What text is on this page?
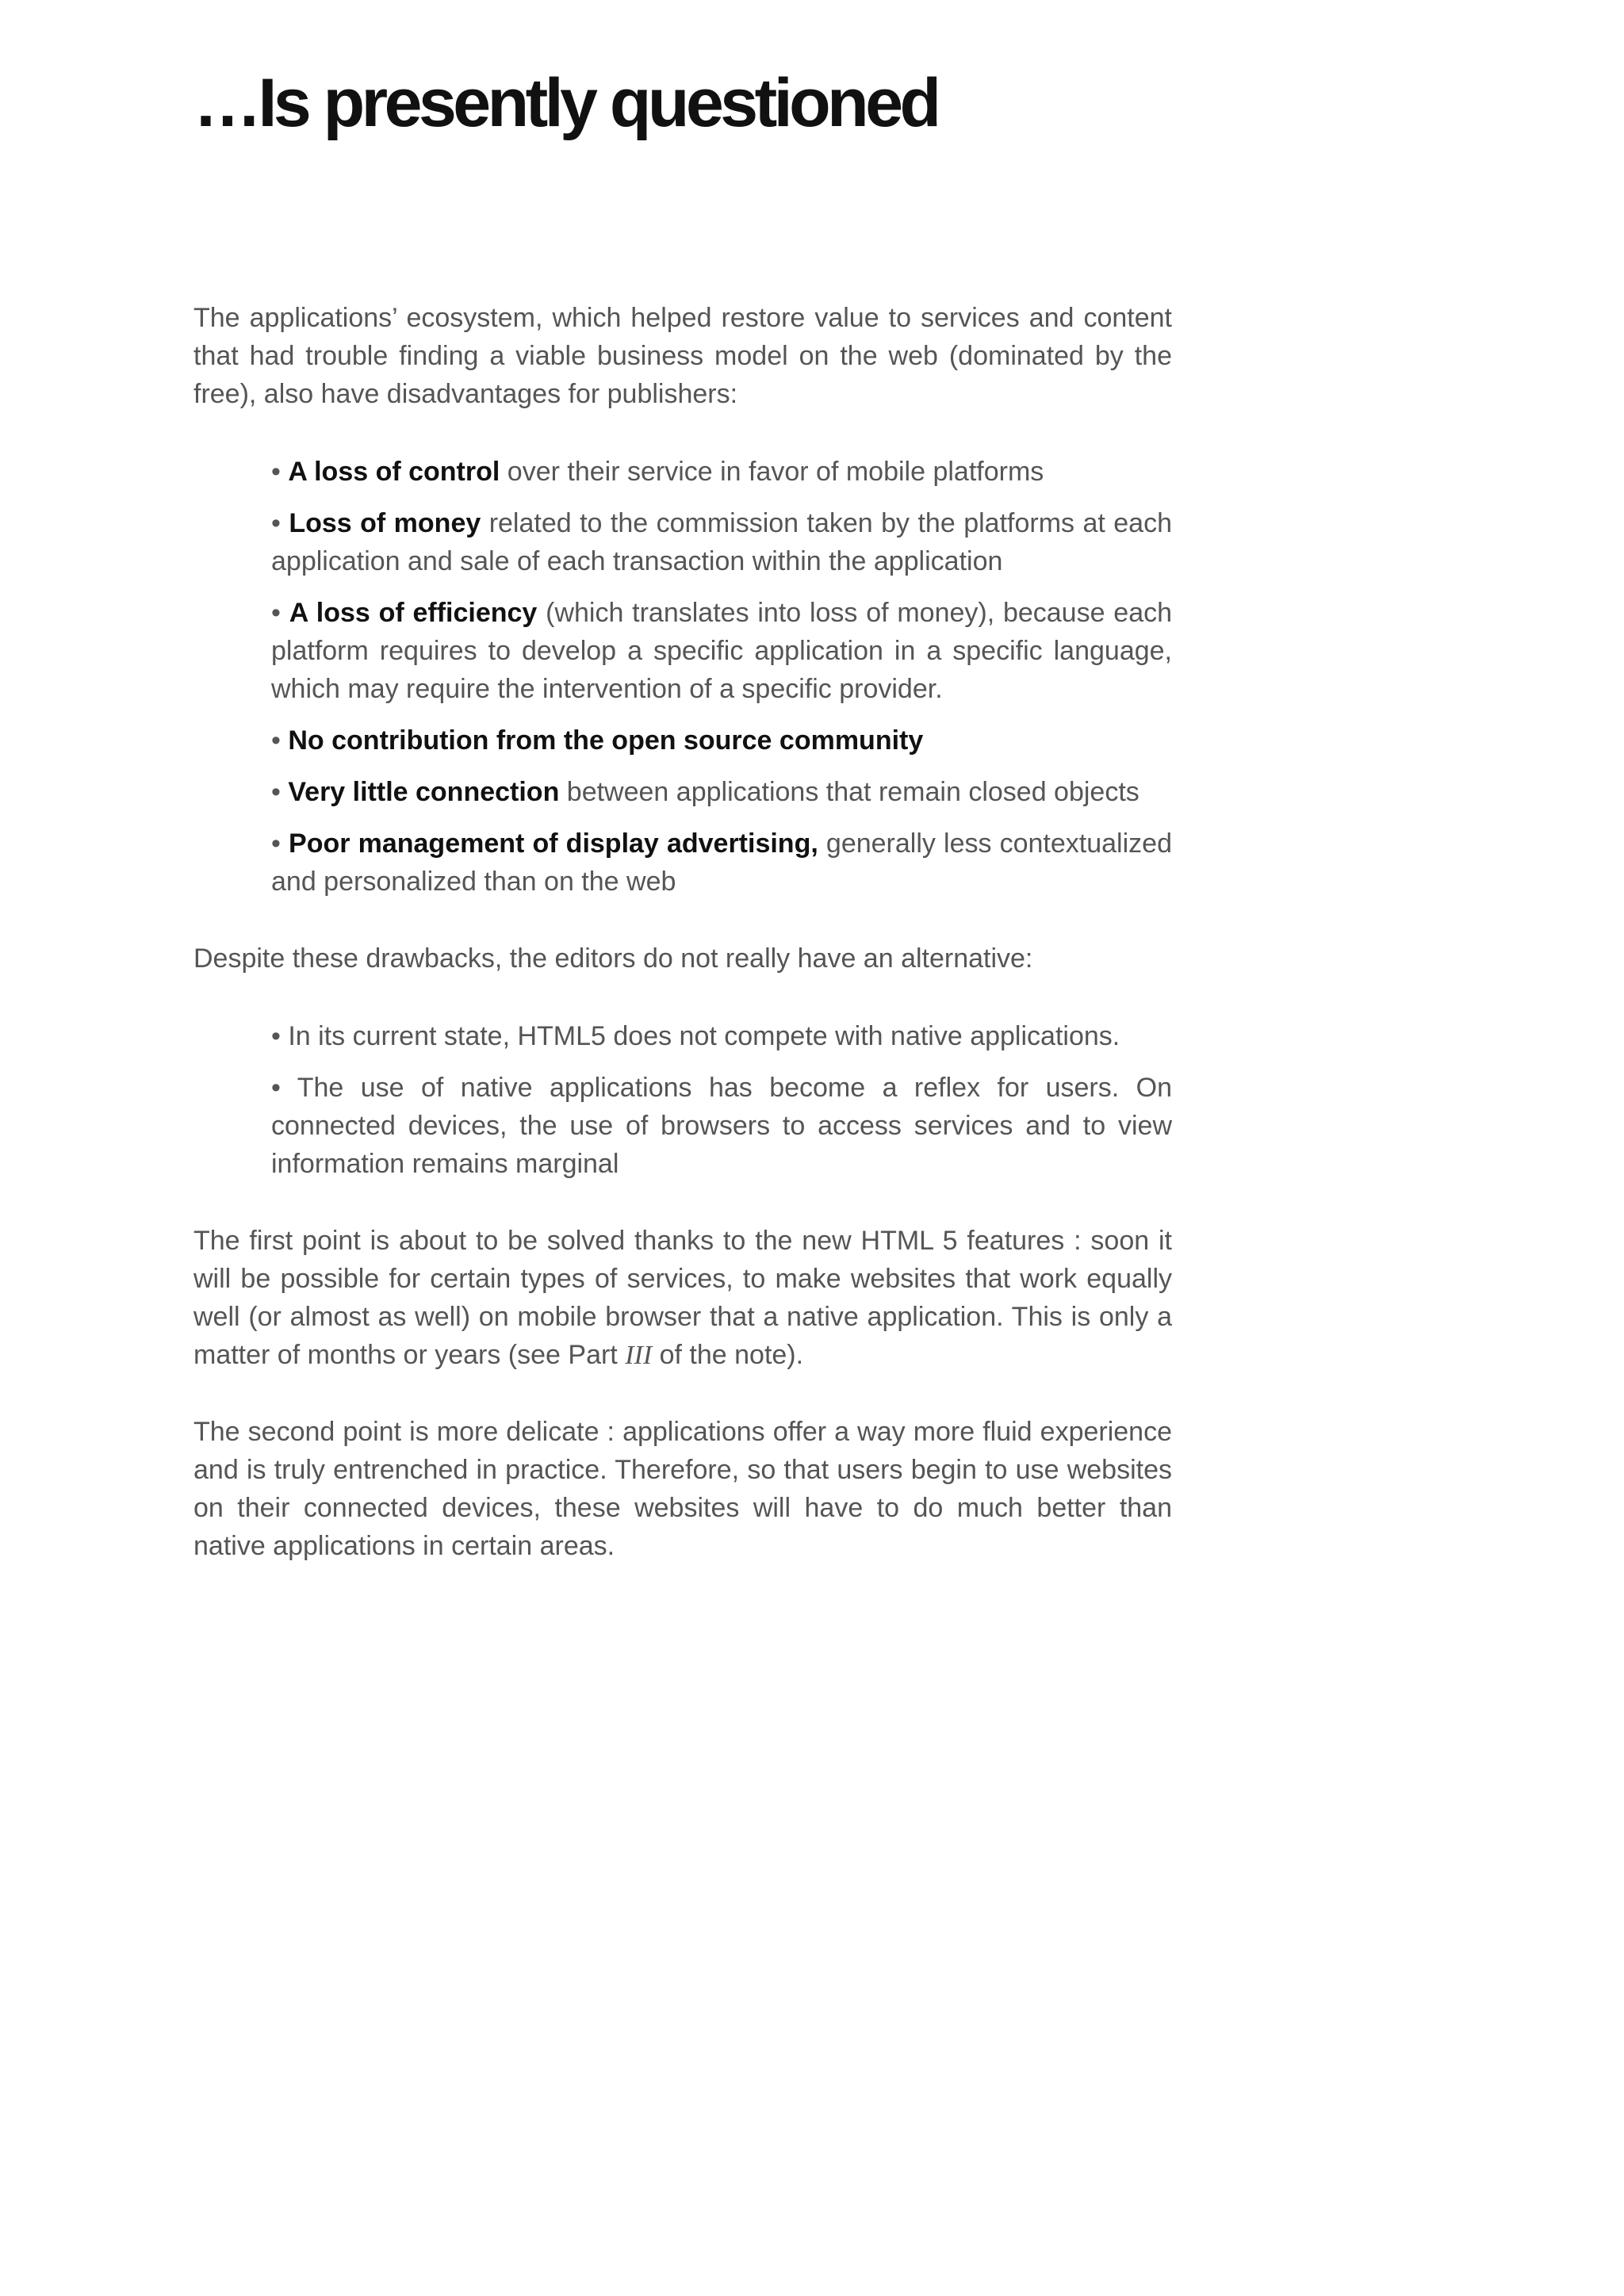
…Is presently questioned

The applications’ ecosystem, which helped restore value to services and content that had trouble finding a viable business model on the web (dominated by the free), also have disadvantages for publishers:

• A loss of control over their service in favor of mobile platforms

• Loss of money related to the commission taken by the platforms at each application and sale of each transaction within the application

• A loss of efficiency (which translates into loss of money), because each platform requires to develop a specific application in a specific language, which may require the intervention of a specific provider.

• No contribution from the open source community

• Very little connection between applications that remain closed objects

• Poor management of display advertising, generally less contextualized and personalized than on the web

Despite these drawbacks, the editors do not really have an alternative:

• In its current state, HTML5 does not compete with native applications.

• The use of native applications has become a reflex for users. On connected devices, the use of browsers to access services and to view information remains marginal

The first point is about to be solved thanks to the new HTML 5 features : soon it will be possible for certain types of services, to make websites that work equally well (or almost as well) on mobile browser that a native application. This is only a matter of months or years (see Part III of the note).

The second point is more delicate : applications offer a way more fluid experience and is truly entrenched in practice. Therefore, so that users begin to use websites on their connected devices, these websites will have to do much better than native applications in certain areas.
